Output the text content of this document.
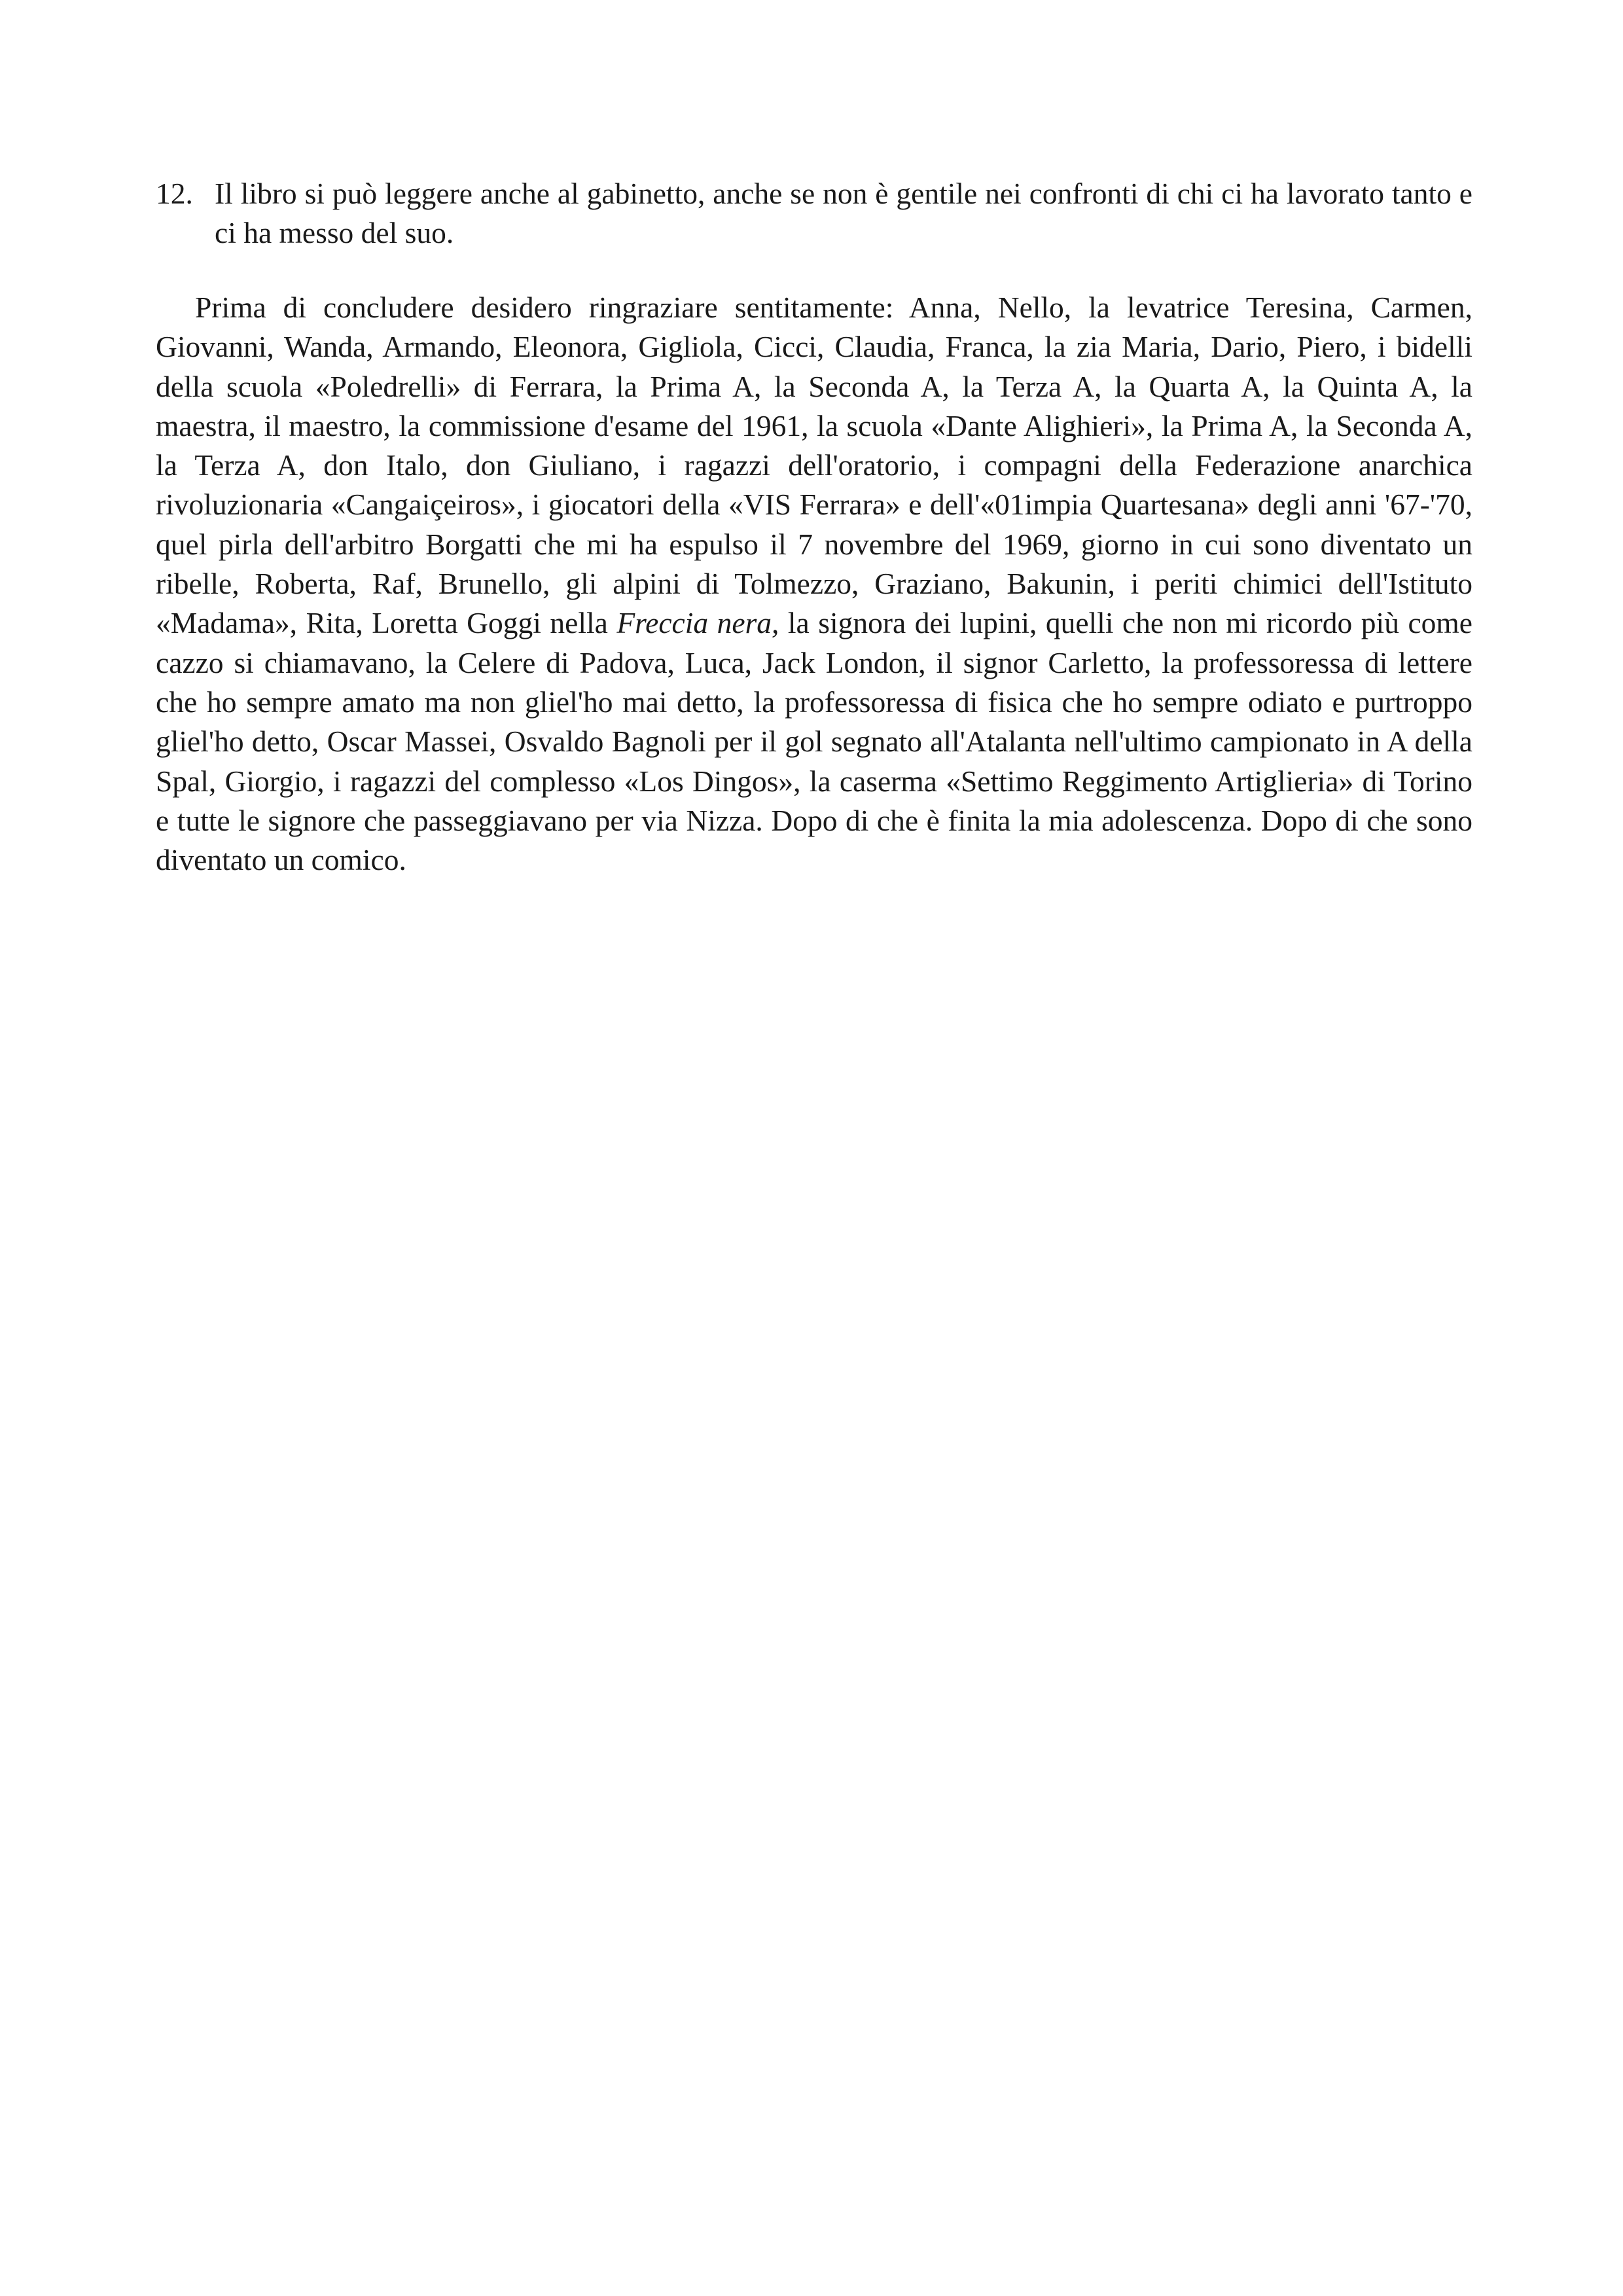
12. Il libro si può leggere anche al gabinetto, anche se non è gentile nei confronti di chi ci ha lavorato tanto e ci ha messo del suo.

Prima di concludere desidero ringraziare sentitamente: Anna, Nello, la levatrice Teresina, Carmen, Giovanni, Wanda, Armando, Eleonora, Gigliola, Cicci, Claudia, Franca, la zia Maria, Dario, Piero, i bidelli della scuola «Poledrelli» di Ferrara, la Prima A, la Seconda A, la Terza A, la Quarta A, la Quinta A, la maestra, il maestro, la commissione d'esame del 1961, la scuola «Dante Alighieri», la Prima A, la Seconda A, la Terza A, don Italo, don Giuliano, i ragazzi dell'oratorio, i compagni della Federazione anarchica rivoluzionaria «Cangaiçeiros», i giocatori della «VIS Ferrara» e dell'«01impia Quartesana» degli anni '67-'70, quel pirla dell'arbitro Borgatti che mi ha espulso il 7 novembre del 1969, giorno in cui sono diventato un ribelle, Roberta, Raf, Brunello, gli alpini di Tolmezzo, Graziano, Bakunin, i periti chimici dell'Istituto «Madama», Rita, Loretta Goggi nella Freccia nera, la signora dei lupini, quelli che non mi ricordo più come cazzo si chiamavano, la Celere di Padova, Luca, Jack London, il signor Carletto, la professoressa di lettere che ho sempre amato ma non gliel'ho mai detto, la professoressa di fisica che ho sempre odiato e purtroppo gliel'ho detto, Oscar Massei, Osvaldo Bagnoli per il gol segnato all'Atalanta nell'ultimo campionato in A della Spal, Giorgio, i ragazzi del complesso «Los Dingos», la caserma «Settimo Reggimento Artiglieria» di Torino e tutte le signore che passeggiavano per via Nizza. Dopo di che è finita la mia adolescenza. Dopo di che sono diventato un comico.
